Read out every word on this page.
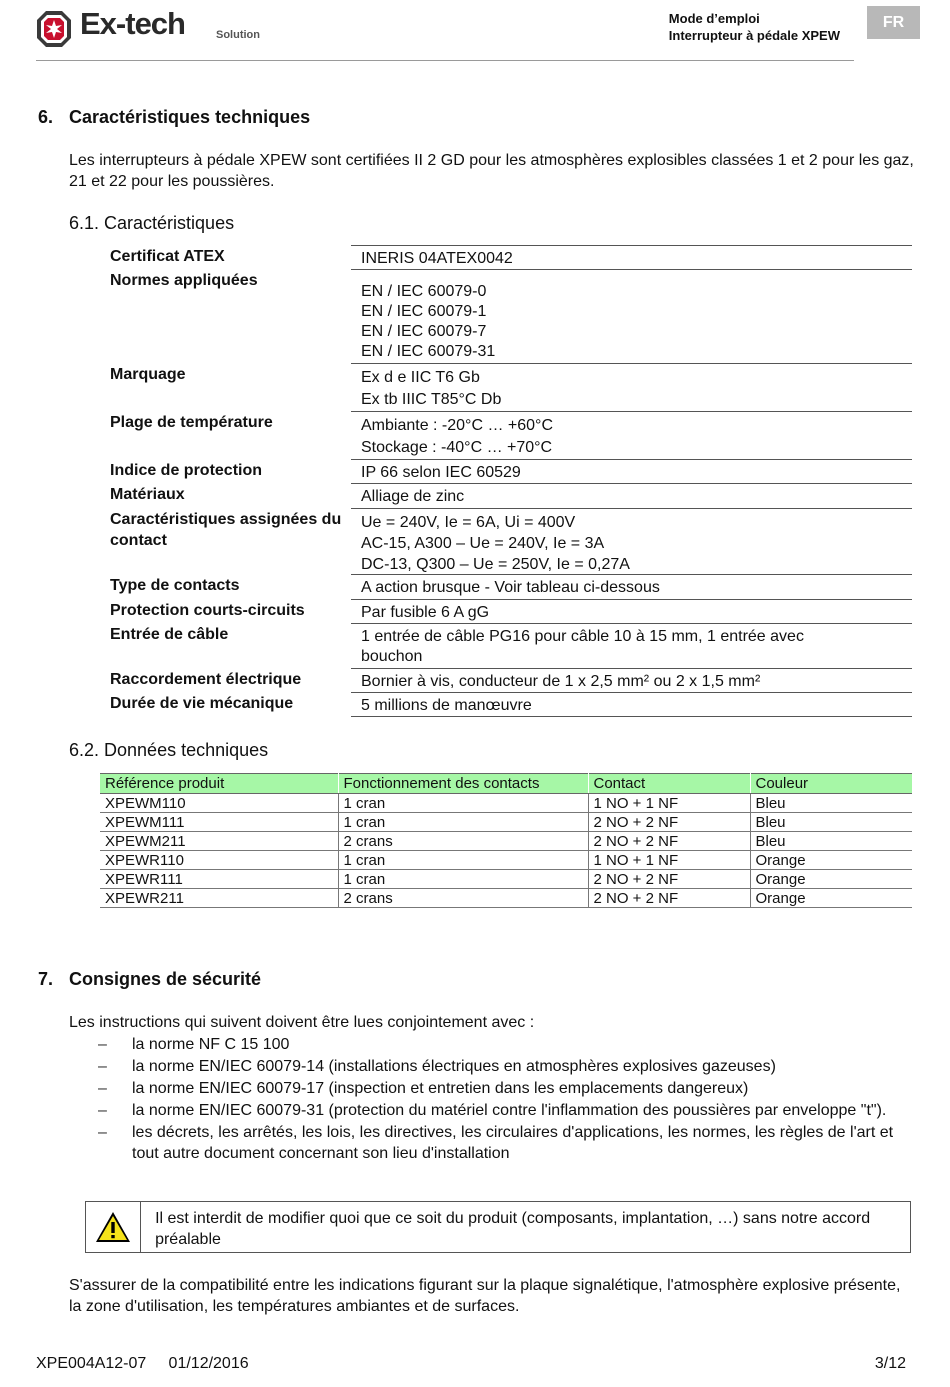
Ex-tech	Solution
Mode d’emploi
Interrupteur à pédale XPEW
FR
6. Caractéristiques techniques
Les interrupteurs à pédale XPEW sont certifiées II 2 GD pour les atmosphères explosibles classées 1 et 2 pour les gaz, 21 et 22 pour les poussières.
6.1. Caractéristiques
Certificat ATEX	INERIS 04ATEX0042
Normes appliquées
EN / IEC 60079-0
EN / IEC 60079-1
EN / IEC 60079-7
EN / IEC 60079-31
Marquage	Ex d e IIC T6 Gb
Ex tb IIIC T85°C Db
Plage de température	Ambiante : -20°C … +60°C
Stockage : -40°C … +70°C
Indice de protection	IP 66 selon IEC 60529
Matériaux	Alliage de zinc
Caractéristiques assignées du contact
Ue = 240V, Ie = 6A, Ui = 400V
AC-15, A300 – Ue = 240V, Ie = 3A
DC-13, Q300 – Ue = 250V, Ie = 0,27A
Type de contacts	A action brusque - Voir tableau ci-dessous
Protection courts-circuits	Par fusible 6 A gG
Entrée de câble	1 entrée de câble PG16 pour câble 10 à 15 mm, 1 entrée avec
bouchon
Raccordement électrique	Bornier à vis, conducteur de 1 x 2,5 mm² ou 2 x 1,5 mm²
Durée de vie mécanique	5 millions de manœuvre
6.2. Données techniques
Référence produit	Fonctionnement des contacts	Contact	Couleur
XPEWM110	1 cran	1 NO + 1 NF	Bleu
XPEWM111	1 cran	2 NO + 2 NF	Bleu
XPEWM211	2 crans	2 NO + 2 NF	Bleu
XPEWR110	1 cran	1 NO + 1 NF	Orange
XPEWR111	1 cran	2 NO + 2 NF	Orange
XPEWR211	2 crans	2 NO + 2 NF	Orange
7. Consignes de sécurité
Les instructions qui suivent doivent être lues conjointement avec :
– la norme NF C 15 100
– la norme EN/IEC 60079-14 (installations électriques en atmosphères explosives gazeuses)
– la norme EN/IEC 60079-17 (inspection et entretien dans les emplacements dangereux)
– la norme EN/IEC 60079-31 (protection du matériel contre l'inflammation des poussières par enveloppe "t").
– les décrets, les arrêtés, les lois, les directives, les circulaires d'applications, les normes, les règles de l'art et tout autre document concernant son lieu d'installation
Il est interdit de modifier quoi que ce soit du produit (composants, implantation, …) sans notre accord préalable
S'assurer de la compatibilité entre les indications figurant sur la plaque signalétique, l'atmosphère explosive présente, la zone d'utilisation, les températures ambiantes et de surfaces.
XPE004A12-07 01/12/2016	3/12
